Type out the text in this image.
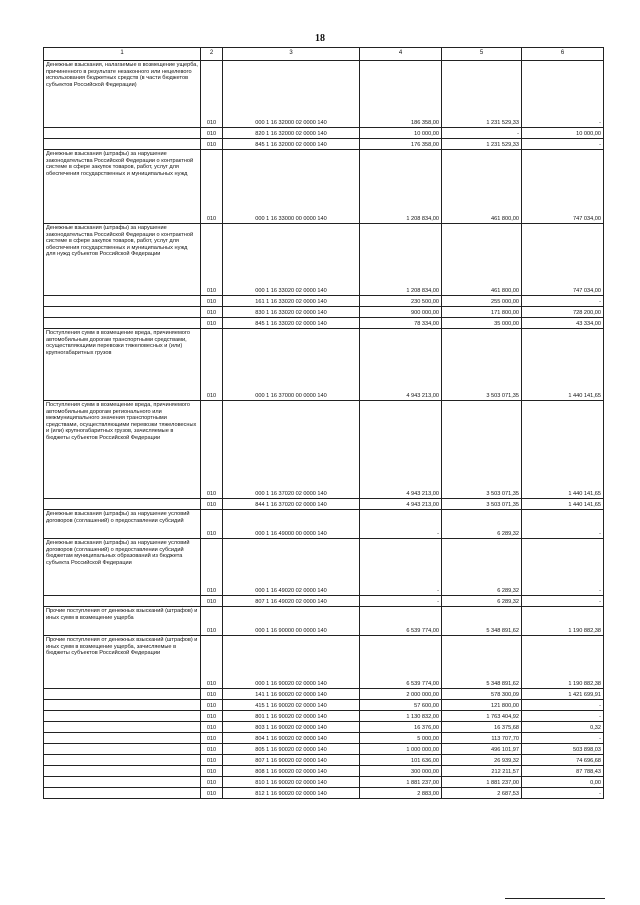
18
1	2	3	4	5	6
Денежные взыскания, налагаемые в возмещение ущерба, причиненного в результате незаконного или нецелевого использования бюджетных средств (в части бюджетов субъектов Российской Федерации)	010	000 1 16 32000 02 0000 140	186 358,00	1 231 529,33	-
	010	820 1 16 32000 02 0000 140	10 000,00	-	10 000,00
	010	845 1 16 32000 02 0000 140	176 358,00	1 231 529,33	-
Денежные взыскания (штрафы) за нарушение законодательства Российской Федерации о контрактной системе в сфере закупок товаров, работ, услуг для обеспечения государственных и муниципальных нужд	010	000 1 16 33000 00 0000 140	1 208 834,00	461 800,00	747 034,00
Денежные взыскания (штрафы) за нарушение законодательства Российской Федерации о контрактной системе в сфере закупок товаров, работ, услуг для обеспечения государственных и муниципальных нужд для нужд субъектов Российской Федерации	010	000 1 16 33020 02 0000 140	1 208 834,00	461 800,00	747 034,00
	010	161 1 16 33020 02 0000 140	230 500,00	255 000,00	-
	010	830 1 16 33020 02 0000 140	900 000,00	171 800,00	728 200,00
	010	845 1 16 33020 02 0000 140	78 334,00	35 000,00	43 334,00
Поступления сумм в возмещение вреда, причиняемого автомобильным дорогам транспортными средствами, осуществляющими перевозки тяжеловесных и (или) крупногабаритных грузов	010	000 1 16 37000 00 0000 140	4 943 213,00	3 503 071,35	1 440 141,65
Поступления сумм в возмещение вреда, причиняемого автомобильным дорогам регионального или межмуниципального значения транспортными средствами, осуществляющими перевозки тяжеловесных и (или) крупногабаритных грузов, зачисляемые в бюджеты субъектов Российской Федерации	010	000 1 16 37020 02 0000 140	4 943 213,00	3 503 071,35	1 440 141,65
	010	844 1 16 37020 02 0000 140	4 943 213,00	3 503 071,35	1 440 141,65
Денежные взыскания (штрафы) за нарушение условий договоров (соглашений) о предоставлении субсидий	010	000 1 16 49000 00 0000 140	-	6 289,32	-
Денежные взыскания (штрафы) за нарушение условий договоров (соглашений) о предоставлении субсидий бюджетам муниципальных образований из бюджета субъекта Российской Федерации	010	000 1 16 49020 02 0000 140	-	6 289,32	-
	010	807 1 16 49020 02 0000 140	-	6 289,32	-
Прочие поступления от денежных взысканий (штрафов) и иных сумм в возмещение ущерба	010	000 1 16 90000 00 0000 140	6 539 774,00	5 348 891,62	1 190 882,38
Прочие поступления от денежных взысканий (штрафов) и иных сумм в возмещение ущерба, зачисляемые в бюджеты субъектов Российской Федерации	010	000 1 16 90020 02 0000 140	6 539 774,00	5 348 891,62	1 190 882,38
	010	141 1 16 90020 02 0000 140	2 000 000,00	578 300,09	1 421 699,91
	010	415 1 16 90020 02 0000 140	57 600,00	121 800,00	-
	010	801 1 16 90020 02 0000 140	1 130 832,00	1 763 404,92	-
	010	803 1 16 90020 02 0000 140	16 376,00	16 375,68	0,32
	010	804 1 16 90020 02 0000 140	5 000,00	113 707,70	-
	010	805 1 16 90020 02 0000 140	1 000 000,00	496 101,97	503 898,03
	010	807 1 16 90020 02 0000 140	101 636,00	26 939,32	74 696,68
	010	808 1 16 90020 02 0000 140	300 000,00	212 211,57	87 788,43
	010	810 1 16 90020 02 0000 140	1 881 237,00	1 881 237,00	0,00
	010	812 1 16 90020 02 0000 140	2 883,00	2 687,53	-
